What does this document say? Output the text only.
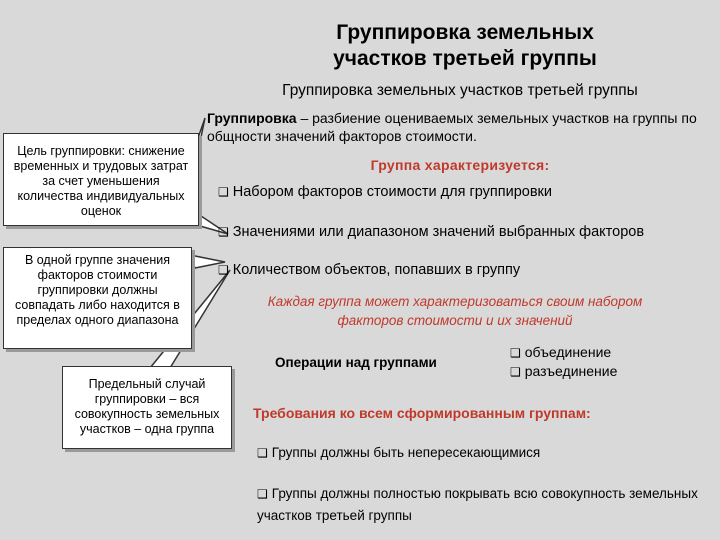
Группировка земельных
участков третьей группы
Группировка земельных участков третьей группы
Группировка – разбиение оцениваемых земельных участков на группы по общности значений факторов стоимости.
Группа характеризуется:
❑ Набором факторов стоимости для группировки
❑ Значениями или диапазоном значений выбранных факторов
❑ Количеством объектов, попавших в группу
Каждая группа может характеризоваться своим набором факторов стоимости и их значений
Операции над группами
❑ объединение
❑ разъединение
Требования ко всем сформированным группам:
❑ Группы должны быть непересекающимися
❑ Группы должны полностью покрывать всю совокупность земельных участков третьей группы
Цель группировки: снижение временных и трудовых затрат за счет уменьшения количества индивидуальных оценок
В одной группе значения факторов стоимости группировки должны совпадать либо находится в пределах одного диапазона
Предельный случай группировки – вся совокупность земельных участков – одна группа
